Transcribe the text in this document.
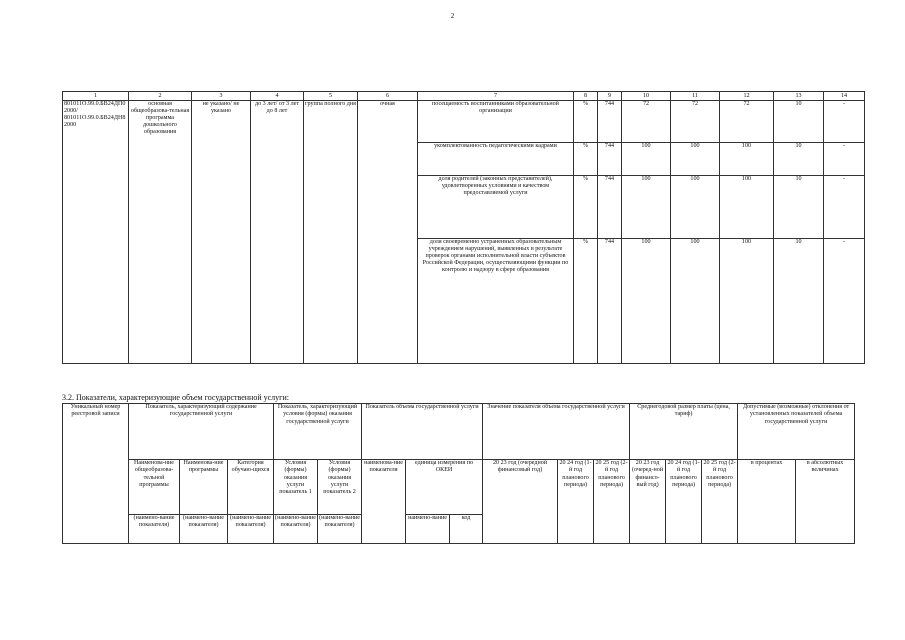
2
1	2	3	4	5	6	7	8	9	10	11	12	13	14
801011О.99.0.БВ24ДП02000/ 801011О.99.0.БВ24ДН82000	основная общеобразова-тельная программа дошкольного образования	не указано/ не указано	до 3 лет/ от 3 лет до 8 лет	группа полного дня	очная	посещаемость воспитанниками образовательной организации	%	744	72	72	72	10	-
						укомплектованность педагогическими кадрами	%	744	100	100	100	10	-
						доля родителей (законных представителей), удовлетворенных условиями и качеством предоставляемой услуги	%	744	100	100	100	10	-
						доля своевременно устраненных образовательным учреждением нарушений, выявленных в результате проверок органами исполнительной власти субъектов Российской Федерации, осуществляющими функции по контролю и надзору в сфере образования	%	744	100	100	100	10	-
3.2. Показатели, характеризующие объем государственной услуги:
Уникальный номер реестровой записи	Показатель, характеризующий содержание государственной услуги			Показатель, характеризующий условия (формы) оказания государственной услуги		Показатель объема государственной услуги			Значение показателя объема государственной услуги			Среднегодовой размер платы (цена, тариф)			Допустимые (возможные) отклонения от установленных показателей объема государственной услуги	
	Наименова-ние общеобразова-тельной программы	Наименова-ние программы	Категория обучаю-щихся	Условия (формы) оказания услуги показатель 1	Условия (формы) оказания услуги показатель 2	наименова-ние показателя	единица измерения по ОКЕИ		20 23 год (очередной финансовый год)	20 24 год (1-й год планового периода)	20 25 год (2-й год планового периода)	20 23 год (очеред-ной финансо-вый год)	20 24 год (1-й год планового периода)	20 25 год (2-й год планового периода)	в процентах	в абсолютных величинах
	(наимено-вание показателя)	(наимено-вание показателя)	(наимено-вание показателя)	(наимено-вание показателя)	(наимено-вание показателя)		наимено-вание	код								
